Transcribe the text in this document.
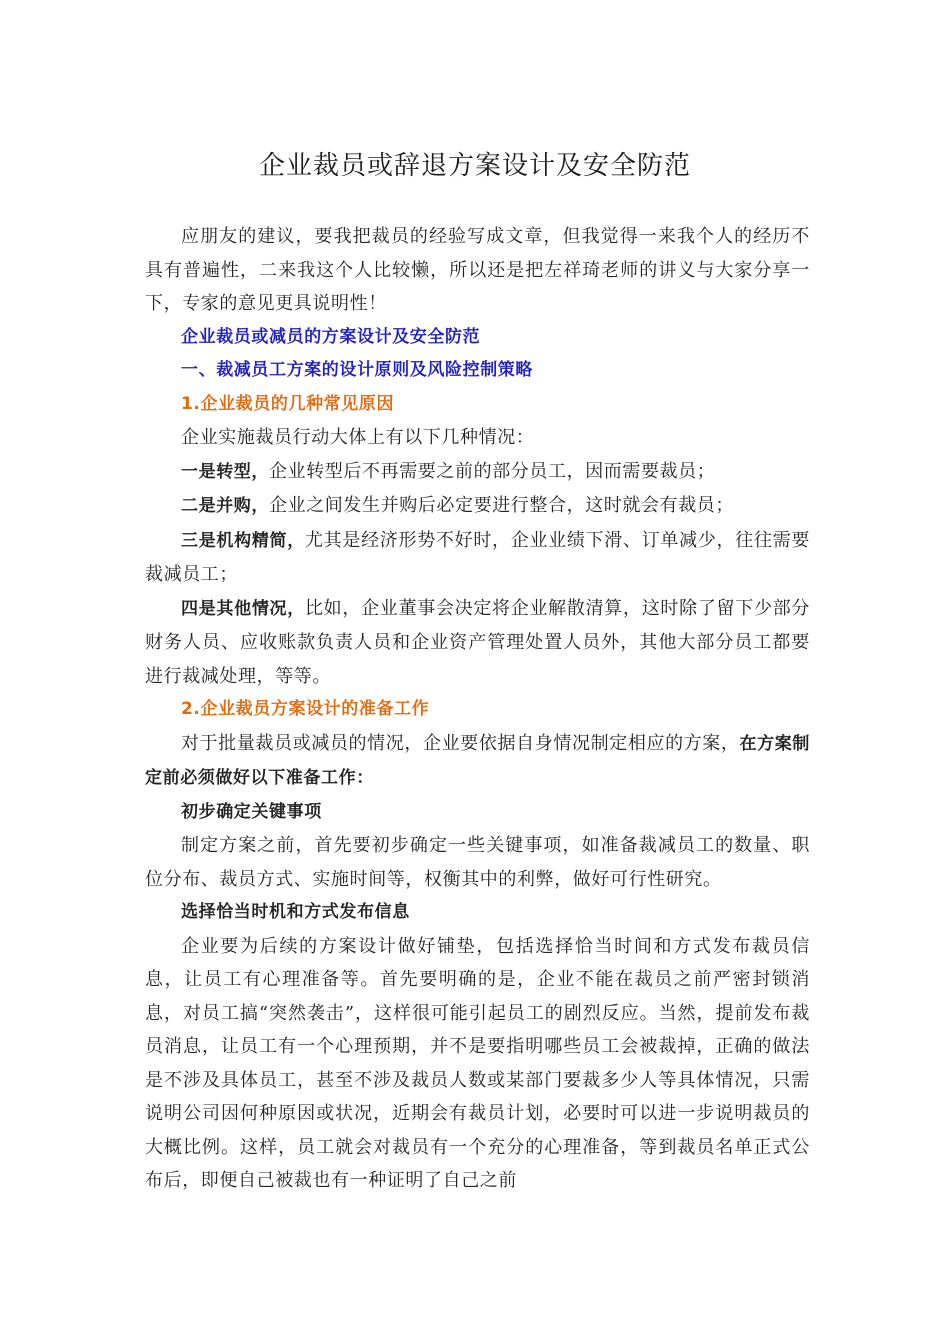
企业裁员或辞退方案设计及安全防范

应朋友的建议，要我把裁员的经验写成文章，但我觉得一来我个人的经历不具有普遍性，二来我这个人比较懒，所以还是把左祥琦老师的讲义与大家分享一下，专家的意见更具说明性！

企业裁员或减员的方案设计及安全防范

一、裁减员工方案的设计原则及风险控制策略

1.企业裁员的几种常见原因

企业实施裁员行动大体上有以下几种情况：

一是转型，企业转型后不再需要之前的部分员工，因而需要裁员；

二是并购，企业之间发生并购后必定要进行整合，这时就会有裁员；

三是机构精简，尤其是经济形势不好时，企业业绩下滑、订单减少，往往需要裁减员工；

四是其他情况，比如，企业董事会决定将企业解散清算，这时除了留下少部分财务人员、应收账款负责人员和企业资产管理处置人员外，其他大部分员工都要进行裁减处理，等等。

2.企业裁员方案设计的准备工作

对于批量裁员或减员的情况，企业要依据自身情况制定相应的方案，在方案制定前必须做好以下准备工作：

初步确定关键事项

制定方案之前，首先要初步确定一些关键事项，如准备裁减员工的数量、职位分布、裁员方式、实施时间等，权衡其中的利弊，做好可行性研究。

选择恰当时机和方式发布信息

企业要为后续的方案设计做好铺垫，包括选择恰当时间和方式发布裁员信息，让员工有心理准备等。首先要明确的是，企业不能在裁员之前严密封锁消息，对员工搞“突然袭击”，这样很可能引起员工的剧烈反应。当然，提前发布裁员消息，让员工有一个心理预期，并不是要指明哪些员工会被裁掉，正确的做法是不涉及具体员工，甚至不涉及裁员人数或某部门要裁多少人等具体情况，只需说明公司因何种原因或状况，近期会有裁员计划，必要时可以进一步说明裁员的大概比例。这样，员工就会对裁员有一个充分的心理准备，等到裁员名单正式公布后，即便自己被裁也有一种证明了自己之前
